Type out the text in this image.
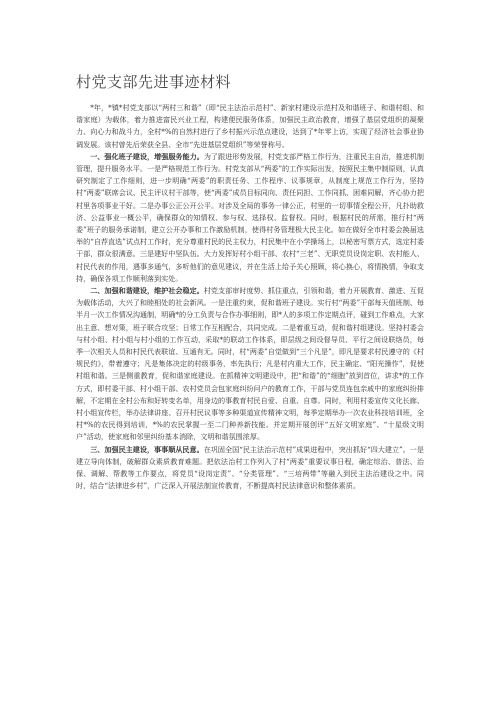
村党支部先进事迹材料

*年，*镇*村党支部以“两村三和谐”（即“民主法治示范村”、新家村建设示范村及和谐班子、和谐村组、和谐家庭）为载体，着力推进富民兴业工程，构建便民服务体系，加强民主政治教育，增强了基层党组织的凝聚力、向心力和战斗力，全村*%的自然村进行了乡村振兴示范点建设，达到了*年零上访，实现了经济社会事业协调发展。该村曾先后荣获全县、全市“先进基层党组织”等荣誉称号。

一、强化班子建设，增强服务能力。为了跟进形势发展，村党支部严格工作行为，注重民主自治，推进机制管理，提升服务水平。一是严格规范工作行为。村党支部从“两委”的工作实际出发，按照民主集中制原则，认真研究制定了工作细则，进一步明确“两委”的职责任务、工作程序、议事规章，从制度上规范工作行为，坚持村“两委”联席会议、民主评议村干部等，使“两委”成员目标同向、责任同担、工作同抓、困难同解，齐心协力把村里各项事业干好。二是办事公正公开公平。对涉及全局的事务一律公正，村里的一切事情全程公开，凡扑助救济、公益事业一概公平，确保群众的知情权、参与权、选择权、监督权。同时，根据村民的所需，推行村“两委”班子的服务承诺制，建立公开办事和工作激励机制，使得村务管理极大民主化。如在做好全市村委会换届选举的“自荐直选”试点村工作时，充分尊重村民的民主权力，村民集中在小学操场上，以秘密写票方式，选定村委干部，群众很满意。三是建好中坚队伍。大力发挥好村小组干部、农村“三老”、无职党员设岗定职、农村能人、村民代表的作用，遇事多通气，多听他们的意见建议，并在生活上给予关心照顾，将心换心，将情换情，争取支持，确保各项工作顺利落到实处。

二、加强和谐建设，维护社会稳定。村党支部审时度势、抓住重点，引领和谐，着力开展教育、激进、互促为载体活动，大兴了和睦相处的社会新风。一是注重约束，促和谐班子建设。实行村“两委”干部每天值班制、每半月一次工作情况沟通制，明确*的分工负责与合作办事细则，即*人的多项工作定期点评，碰到工作难点，大家出主意、想对策，班子联合攻坚；日常工作互相配合，共同完成。二是着重互动，促和谐村组建设。坚持村委会与村小组、村小组与村小组的工作互动，采取*的联动工作体系，即层级之间设督导员、平行之间设联络员，每季一次相关人员和村民代表联谊、互通有无。同时，村“两委”自觉做到“三个凡是”，即凡是要求村民遵守的《村规民约》，带着遵守；凡是集体决定的村级事务，率先执行；凡是村内重大工作，民主确定、“阳光操作”，促使村组和谐。三是侧重教育，促和谐家庭建设。在抓精神文明建设中，把“和谐”的“细胞”放到首位，讲求*的工作方式，即村委干部、村小组干部、农村党员会包家庭纠纷问户的教育工作，干部与党员连包亲戚中的家庭纠纷排解，不定期在全村公布和好转变名单，用身边的事教育村民自爱、自重、自尊。同时，利用村委宣传文化长廊、村小组宣传栏，举办法律讲座、召开村民议事等多种渠道宣传精神文明，每季定期举办一次农业科技培训班，全村*%的农民得到培训，*%的农民掌握一至二门种养新技能。并定期开展创评“五好文明家庭”、“十星级文明户”活动，使家庭和邻里纠纷基本消除，文明和谐氛围浓厚。

三、加强民主建设，事事顺从民意。在巩固全国“民主法治示范村”成果进程中，突出抓好“四大建立”。一是建立导向体制，破解群众素质教育难题。把依法治村工作列入了村“两委”重要议事日程，确定综治、普法、治保、调解、帮教等工作要点，将党员“设岗定责”、“分类管理”、“三培两带”等融入到民主法治建设之中。同时，结合“法律进乡村”，广泛深入开展法制宣传教育，不断提高村民法律意识和整体素质。
